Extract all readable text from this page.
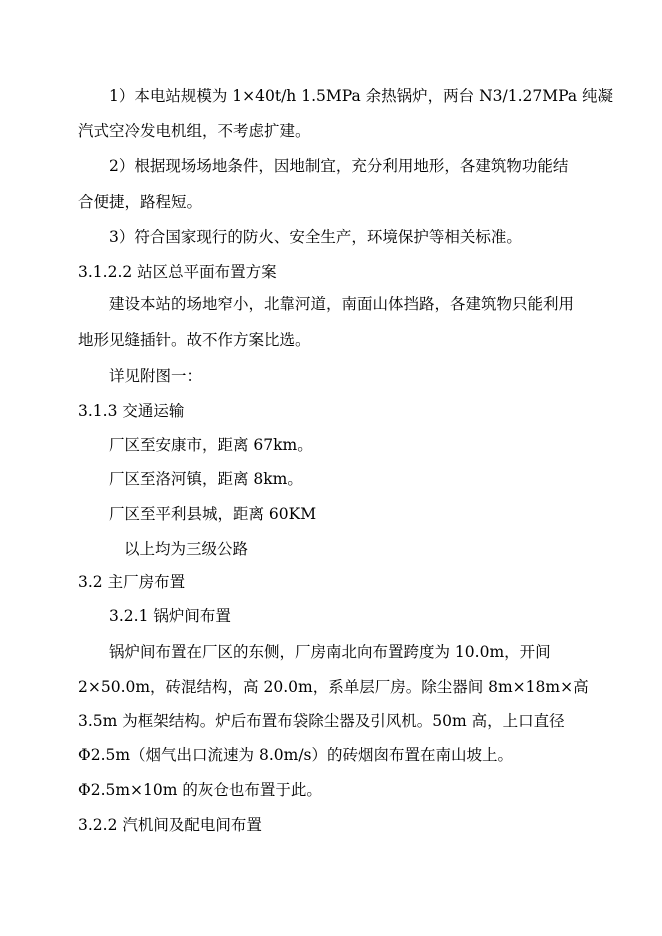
1）本电站规模为 1×40t/h 1.5MPa 余热锅炉，两台 N3/1.27MPa 纯凝
汽式空冷发电机组，不考虑扩建。
2）根据现场场地条件，因地制宜，充分利用地形，各建筑物功能结
合便捷，路程短。
3）符合国家现行的防火、安全生产，环境保护等相关标准。
3.1.2.2 站区总平面布置方案
建设本站的场地窄小，北靠河道，南面山体挡路，各建筑物只能利用
地形见缝插针。故不作方案比选。
详见附图一：
3.1.3 交通运输
厂区至安康市，距离 67km。
厂区至洛河镇，距离 8km。
厂区至平利县城，距离 60KM
以上均为三级公路
3.2 主厂房布置
3.2.1 锅炉间布置
锅炉间布置在厂区的东侧，厂房南北向布置跨度为 10.0m，开间
2×50.0m，砖混结构，高 20.0m，系单层厂房。除尘器间 8m×18m×高
3.5m 为框架结构。炉后布置布袋除尘器及引风机。50m 高，上口直径
Φ2.5m（烟气出口流速为 8.0m/s）的砖烟囱布置在南山坡上。
Φ2.5m×10m 的灰仓也布置于此。
3.2.2 汽机间及配电间布置
